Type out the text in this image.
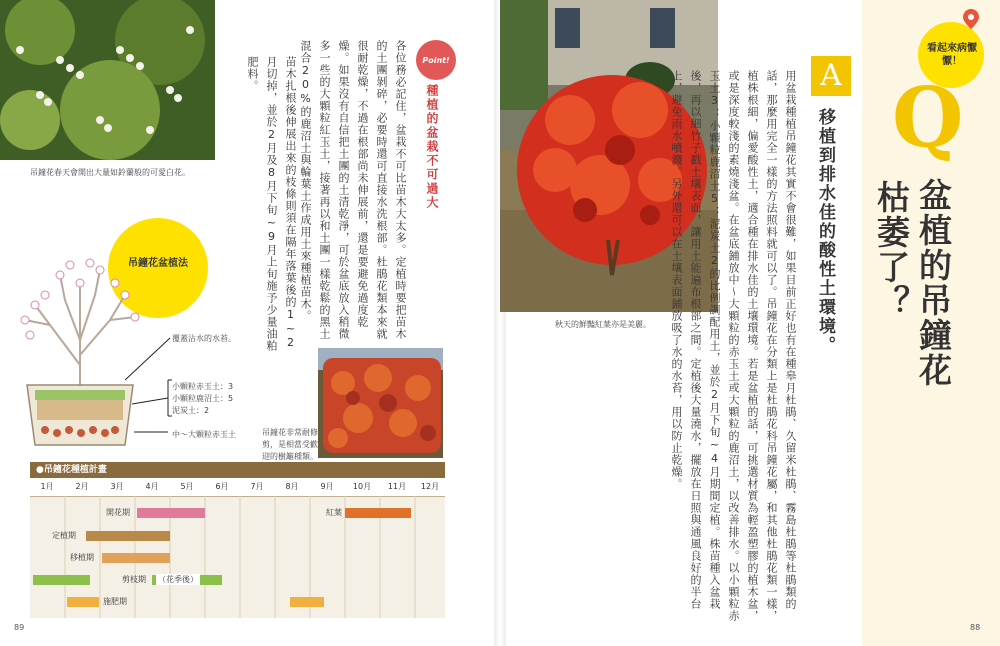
吊鐘花春天會開出大量如鈴蘭般的可愛白花。
Point!
種植的盆栽不可過大
各位務必記住，盆栽不可比苗木大太多。定植時要把苗木的土團剝碎，必要時還可直接水洗根部。杜鵑花類本來就很耐乾燥，不過在根部尚未伸展前，還是要避免過度乾燥。如果沒有自信把土團的土清乾淨，可於盆底放入稍微多一些的大顆粒紅玉土，接著再以和土團一樣乾鬆的黑土混合20%的鹿沼土與輪葉土作成用土來種植苗木。
苗木扎根後伸展出來的枝條則須在隔年落葉後的1~2月切掉，並於2月及8月下旬~9月上旬施予少量油粕肥料。
吊鐘花盆植法
覆蓋沾水的水苔。
小顆粒赤玉土：3
小顆粒鹿沼土：5
泥炭土：2
中～大顆粒赤玉土	吊鐘花非常耐修剪，是相當受歡迎的樹籬種類。
●吊鐘花種植計畫
1月	2月	3月	4月	5月	6月	7月	8月	9月	10月	11月	12月
開花期	紅葉
定植期
移植期
剪枝期 （花季後）
施肥期
89
秋天的鮮豔紅葉亦是美麗。
看起來病懨懨！
Q
盆植的吊鐘花
枯萎了？
A
移植到排水佳的酸性土環境。
用盆栽種植吊鐘花其實不會很難，如果目前正好也有在種皋月杜鵑、久留米杜鵑、霧島杜鵑等杜鵑類的話，那麼用完全一樣的方法照料就可以了。吊鐘花在分類上是杜鵑花科吊鐘花屬，和其他杜鵑花類一樣，植株根細，偏愛酸性土，適合種在排水佳的土壤環境。若是盆植的話，可挑選材質為輕盈塑膠的植木盆，或是深度較淺的素燒淺盆。在盆底鋪放中～大顆粒的赤玉土或大顆粒的鹿沼土，以改善排水。以小顆粒赤玉土3：小顆粒鹿沼土5：泥炭土2的比例調配用土，並於2月下旬~4月期間定植。株苗種入盆栽後，再以細竹子戳土壤表面，讓用土能遍布根部之間。定植後大量澆水，擺放在日照與通風良好的半台上，避免雨水噴濺。另外還可以在土壤表面鋪放吸了水的水苔，用以防止乾燥。
88
